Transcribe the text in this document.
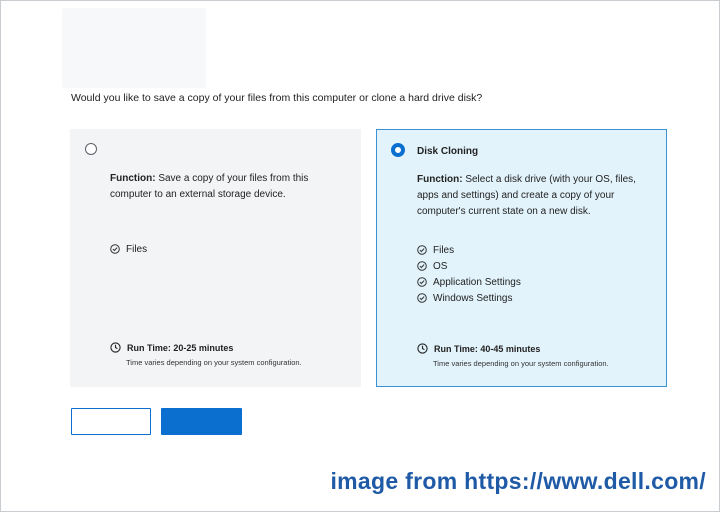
Would you like to save a copy of your files from this computer or clone a hard drive disk?
Function: Save a copy of your files from this computer to an external storage device.
Files
Run Time: 20-25 minutes
Time varies depending on your system configuration.
Disk Cloning
Function: Select a disk drive (with your OS, files, apps and settings) and create a copy of your computer's current state on a new disk.
Files
OS
Application Settings
Windows Settings
Run Time: 40-45 minutes
Time varies depending on your system configuration.
image from https://www.dell.com/
